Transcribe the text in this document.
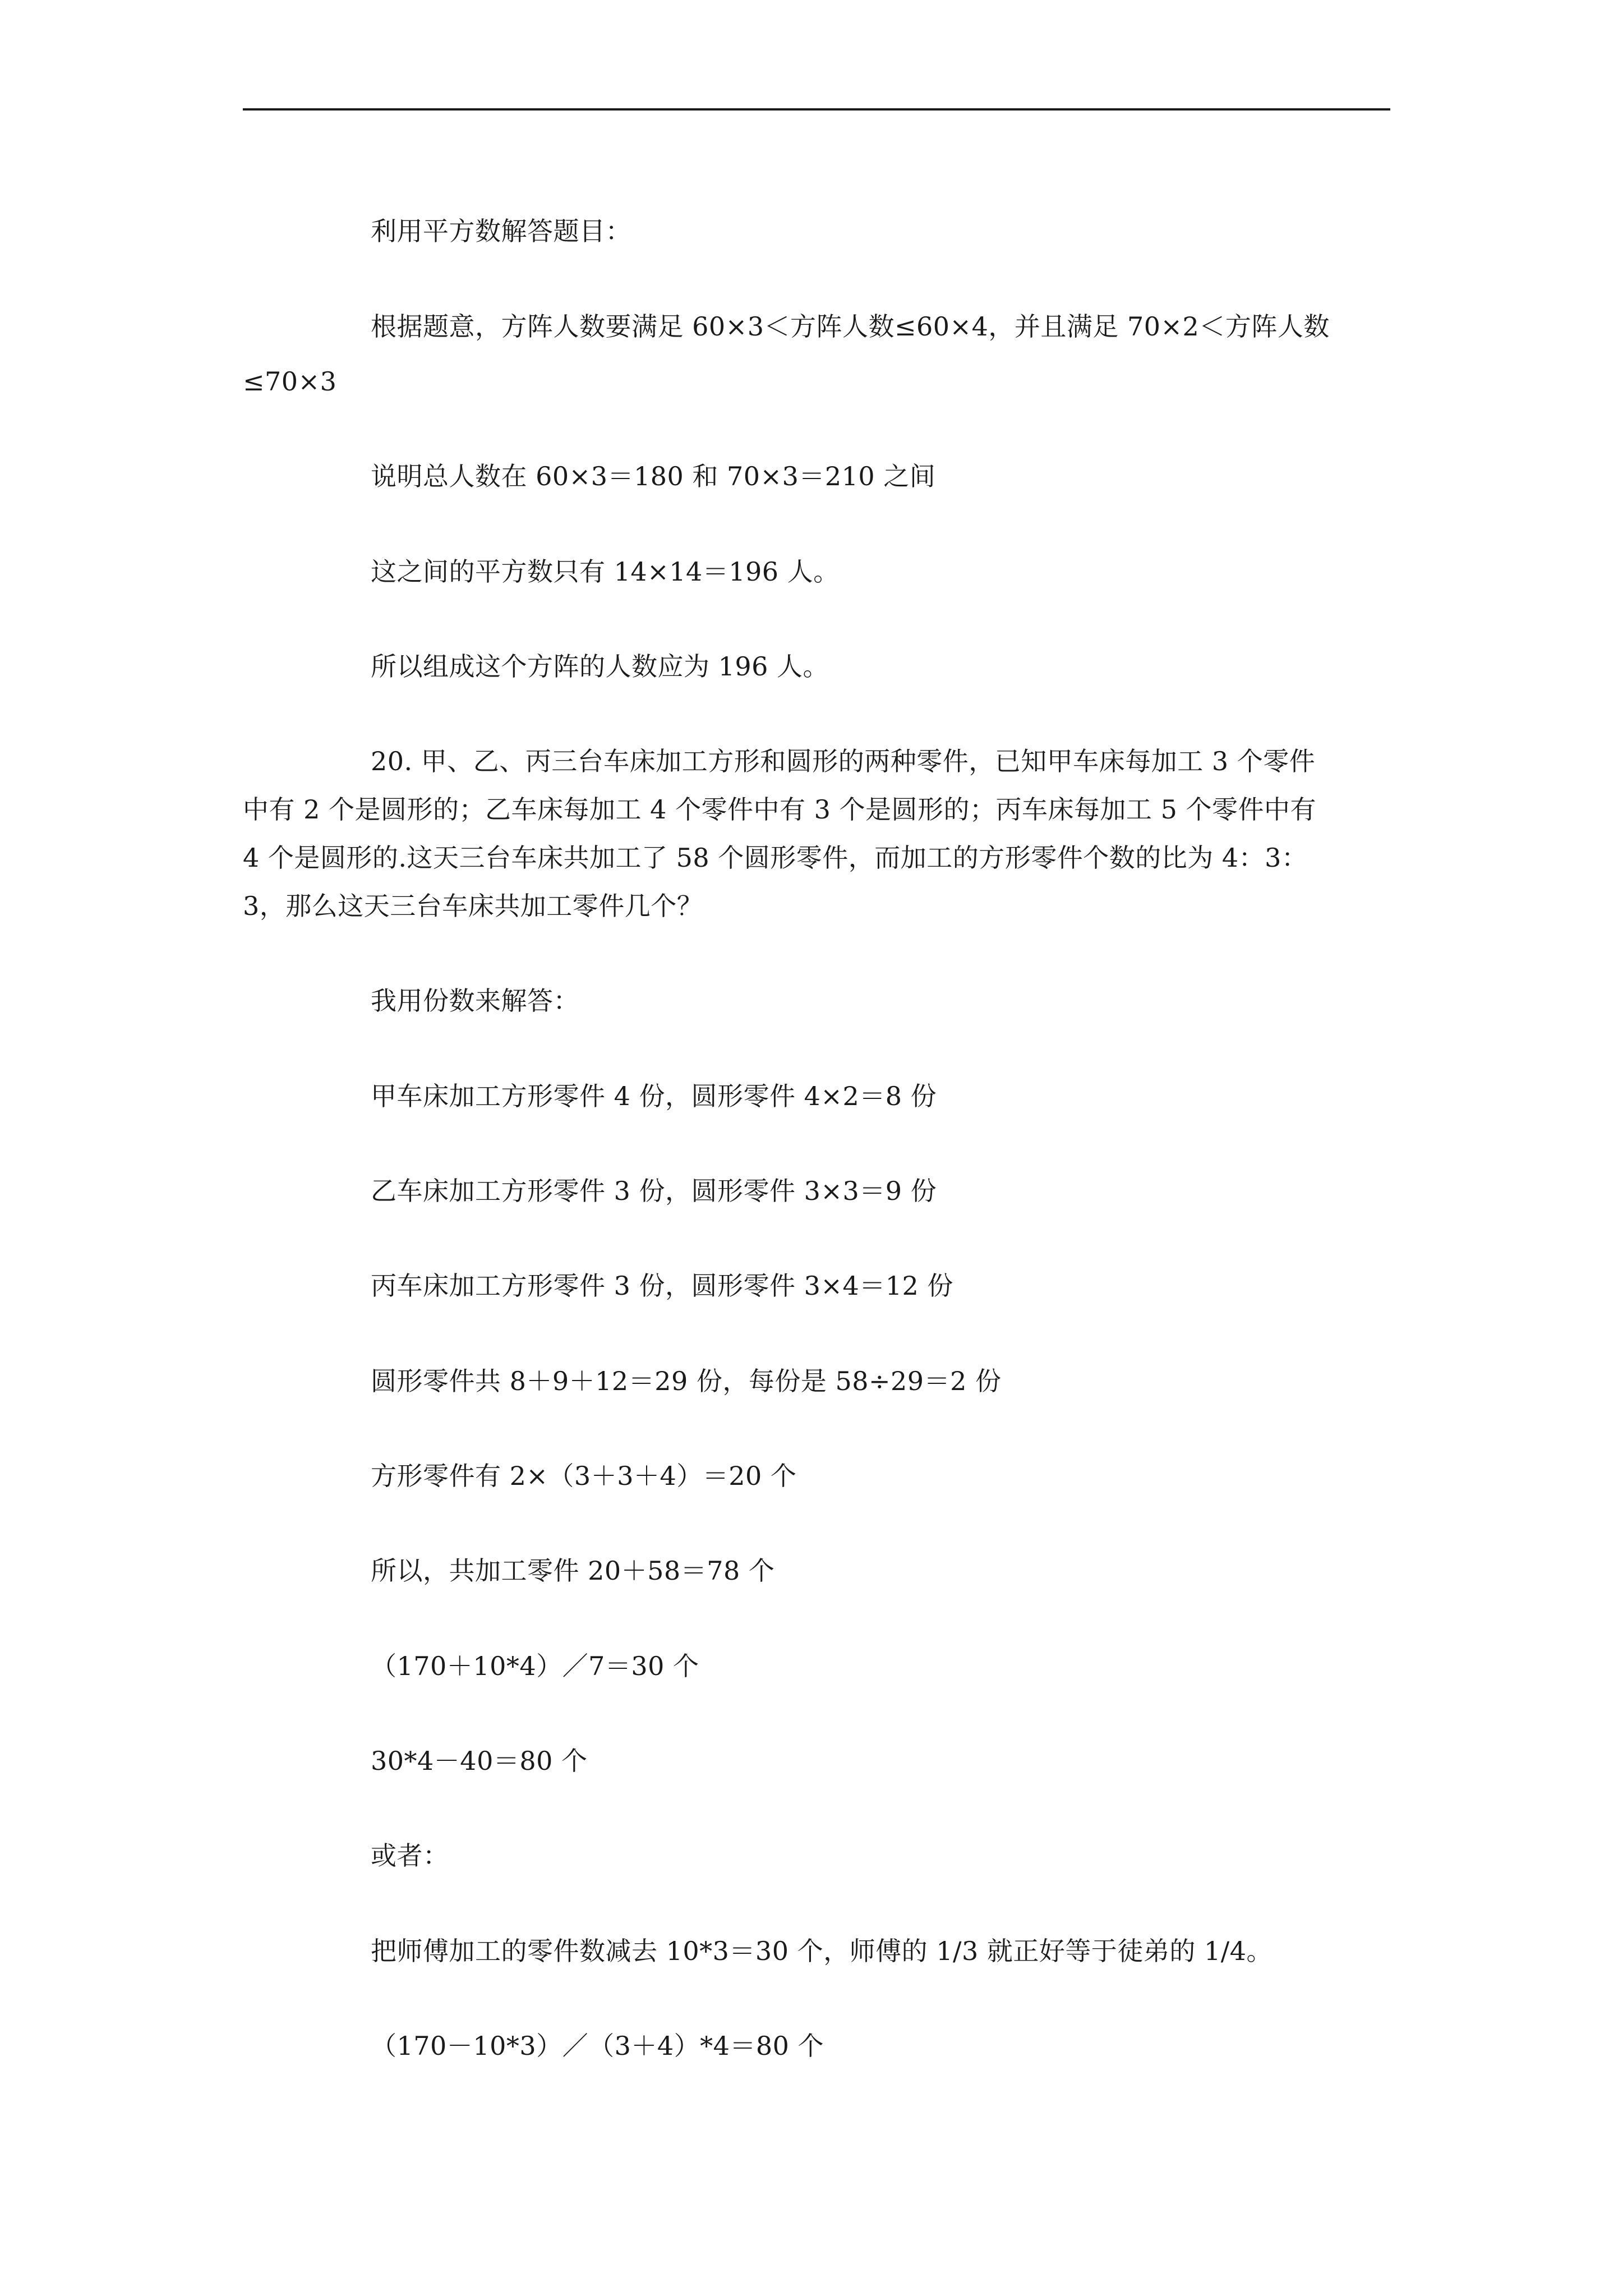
利用平方数解答题目：
根据题意，方阵人数要满足 60×3＜方阵人数≤60×4，并且满足 70×2＜方阵人数
≤70×3
说明总人数在 60×3＝180 和 70×3＝210 之间
这之间的平方数只有 14×14＝196 人。
所以组成这个方阵的人数应为 196 人。
20. 甲、乙、丙三台车床加工方形和圆形的两种零件，已知甲车床每加工 3 个零件
中有 2 个是圆形的；乙车床每加工 4 个零件中有 3 个是圆形的；丙车床每加工 5 个零件中有
4 个是圆形的.这天三台车床共加工了 58 个圆形零件，而加工的方形零件个数的比为 4：3：
3，那么这天三台车床共加工零件几个？
我用份数来解答：
甲车床加工方形零件 4 份，圆形零件 4×2＝8 份
乙车床加工方形零件 3 份，圆形零件 3×3＝9 份
丙车床加工方形零件 3 份，圆形零件 3×4＝12 份
圆形零件共 8＋9＋12＝29 份，每份是 58÷29＝2 份
方形零件有 2×（3＋3＋4）＝20 个
所以，共加工零件 20＋58＝78 个
（170＋10*4）／7＝30 个
30*4－40＝80 个
或者：
把师傅加工的零件数减去 10*3＝30 个，师傅的 1/3 就正好等于徒弟的 1/4。
（170－10*3）／（3＋4）*4＝80 个
